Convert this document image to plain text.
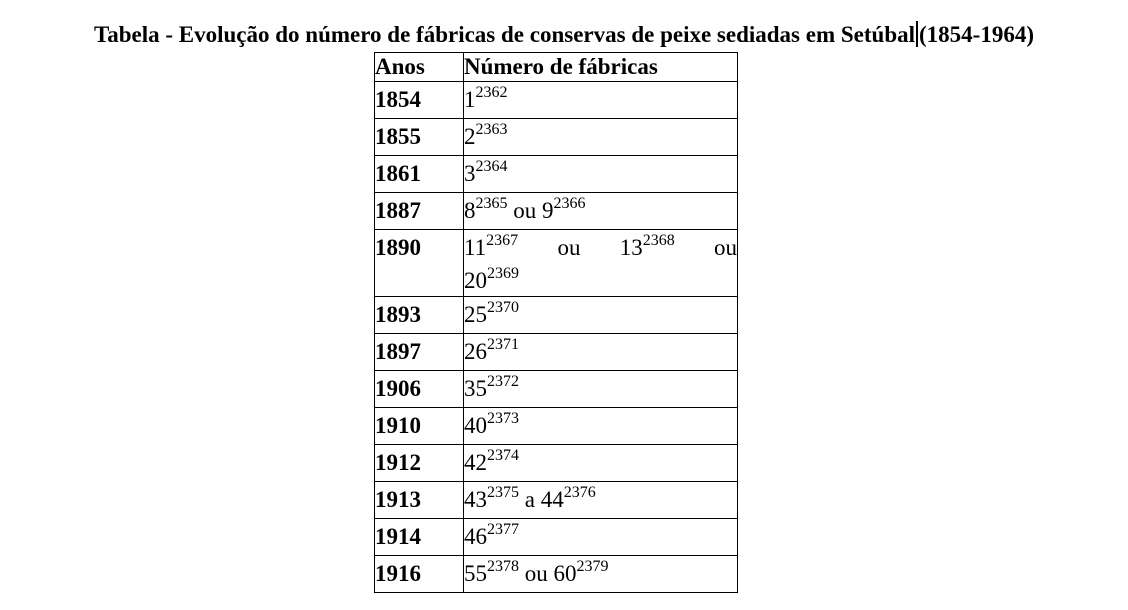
Tabela - Evolução do número de fábricas de conservas de peixe sediadas em Setúbal (1854-1964)
Anos	Número de fábricas
1854	$1^{2362}$
1855	$2^{2363}$
1861	$3^{2364}$
1887	$8^{2365}$ ou $9^{2366}$
1890	$11^{2367}$ ou $13^{2368}$ ou
$20^{2369}$

1893	$25^{2370}$
1897	$26^{2371}$
1906	$35^{2372}$
1910	$40^{2373}$
1912	$42^{2374}$
1913	$43^{2375}$ a $44^{2376}$
1914	$46^{2377}$
1916	$55^{2378}$ ou $60^{2379}$
